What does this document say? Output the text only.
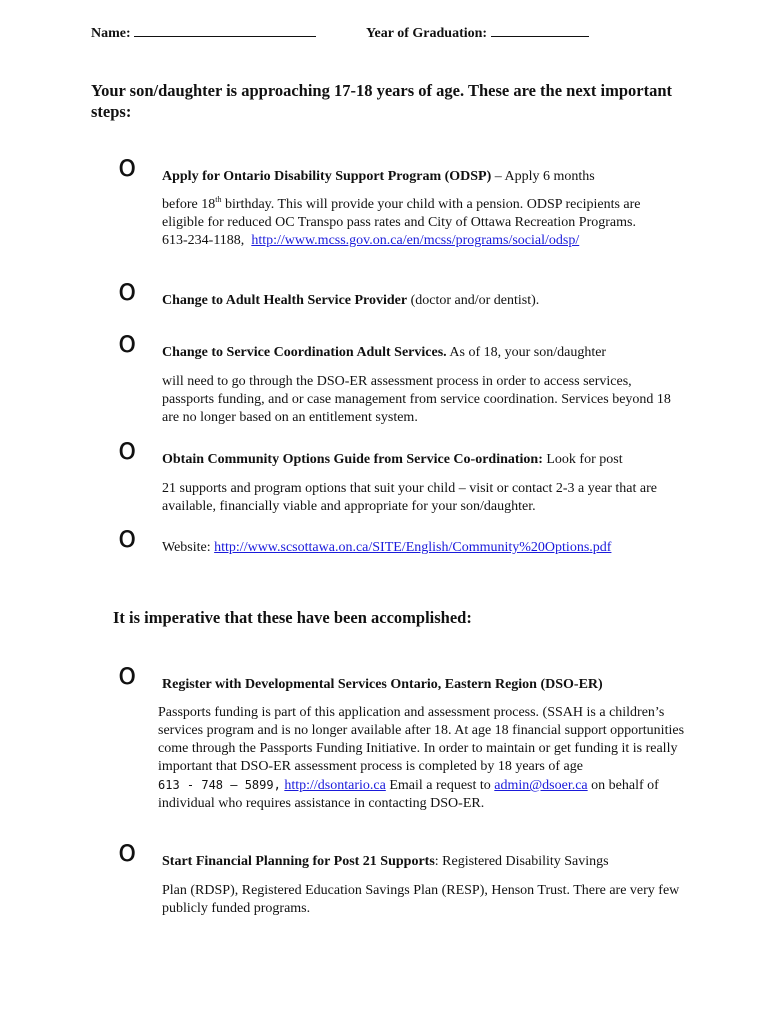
Name:	Year of Graduation:
Your son/daughter is approaching 17-18 years of age. These are the next important steps:
o Apply for Ontario Disability Support Program (ODSP) – Apply 6 months
before 18th birthday. This will provide your child with a pension. ODSP recipients are eligible for reduced OC Transpo pass rates and City of Ottawa Recreation Programs.
613-234-1188, http://www.mcss.gov.on.ca/en/mcss/programs/social/odsp/
o Change to Adult Health Service Provider (doctor and/or dentist).
o Change to Service Coordination Adult Services. As of 18, your son/daughter
will need to go through the DSO-ER assessment process in order to access services, passports funding, and or case management from service coordination. Services beyond 18 are no longer based on an entitlement system.
o Obtain Community Options Guide from Service Co-ordination: Look for post
21 supports and program options that suit your child – visit or contact 2-3 a year that are available, financially viable and appropriate for your son/daughter.
o Website: http://www.scsottawa.on.ca/SITE/English/Community%20Options.pdf
It is imperative that these have been accomplished:
o Register with Developmental Services Ontario, Eastern Region (DSO-ER)
Passports funding is part of this application and assessment process. (SSAH is a children’s services program and is no longer available after 18. At age 18 financial support opportunities come through the Passports Funding Initiative. In order to maintain or get funding it is really important that DSO-ER assessment process is completed by 18 years of age
613 - 748 – 5899, http://dsontario.ca Email a request to admin@dsoer.ca on behalf of individual who requires assistance in contacting DSO-ER.
o Start Financial Planning for Post 21 Supports: Registered Disability Savings
Plan (RDSP), Registered Education Savings Plan (RESP), Henson Trust. There are very few publicly funded programs.
